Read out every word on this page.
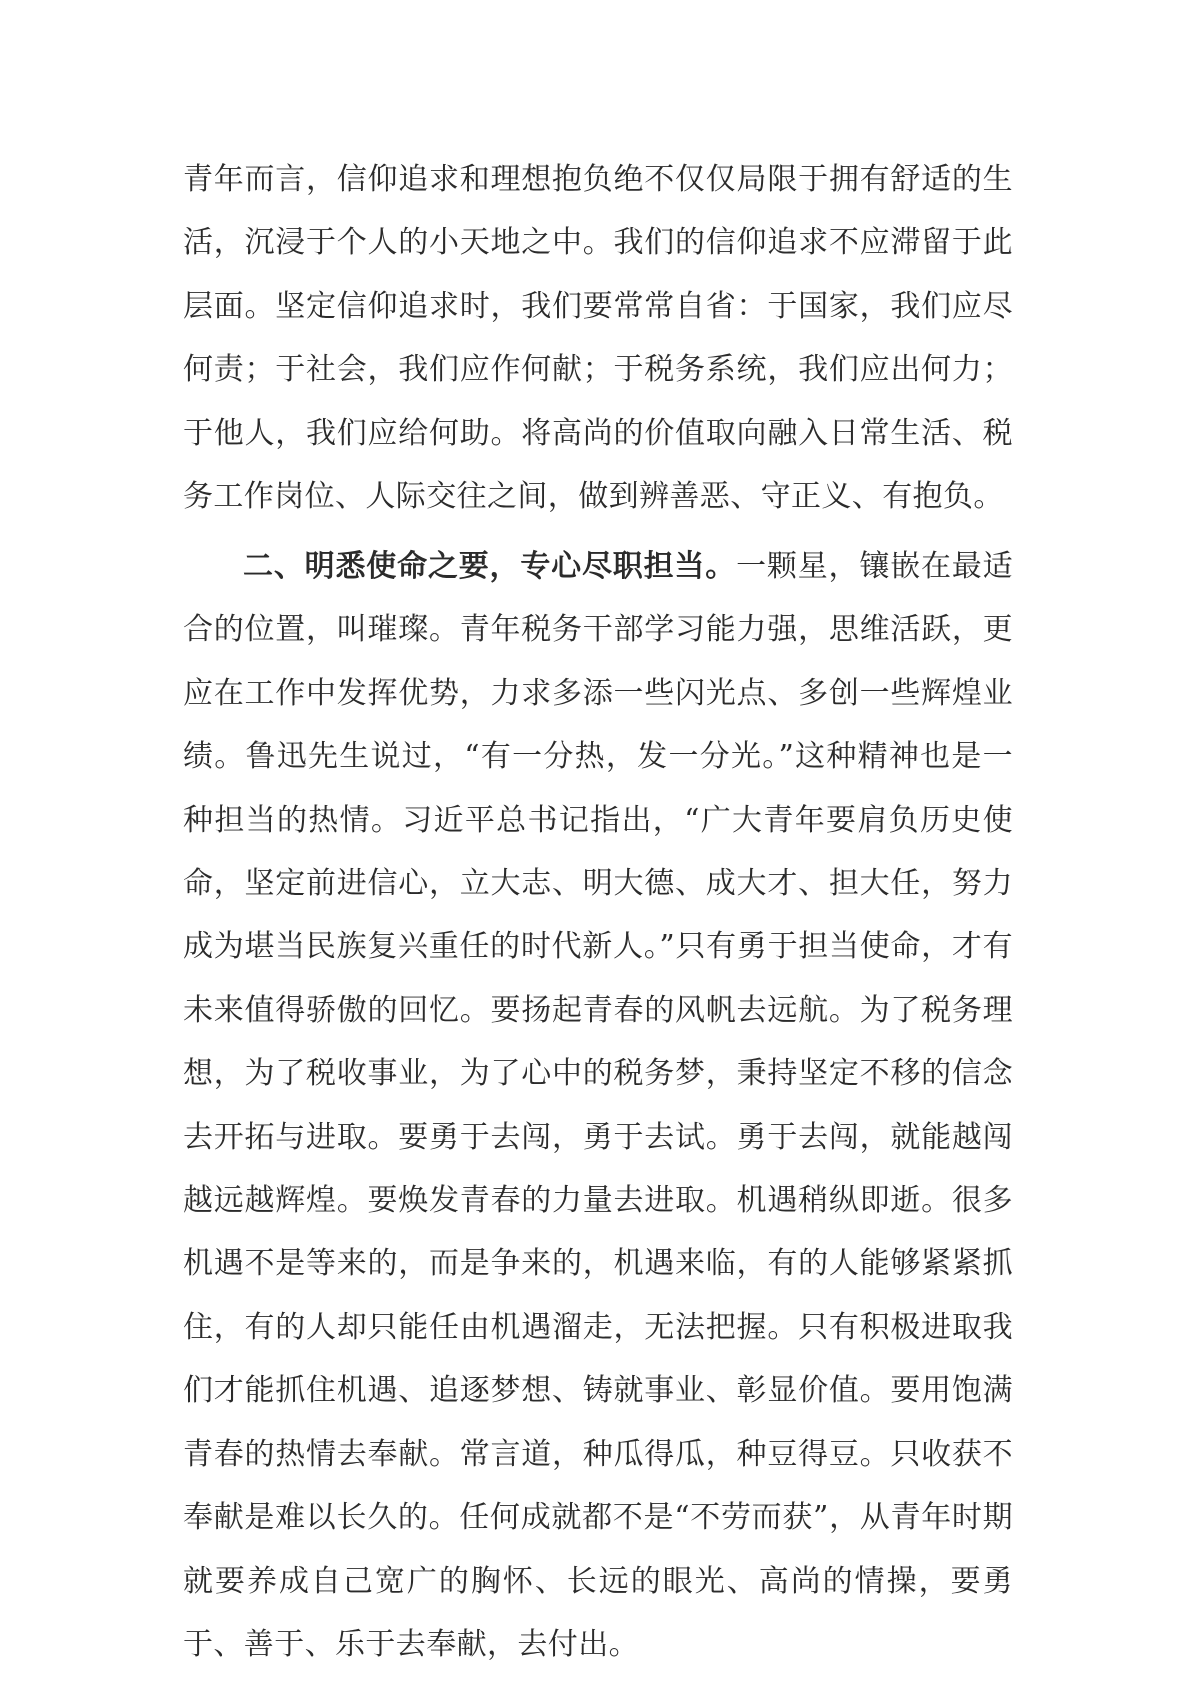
青年而言，信仰追求和理想抱负绝不仅仅局限于拥有舒适的生活，沉浸于个人的小天地之中。我们的信仰追求不应滞留于此层面。坚定信仰追求时，我们要常常自省：于国家，我们应尽何责；于社会，我们应作何献；于税务系统，我们应出何力；于他人，我们应给何助。将高尚的价值取向融入日常生活、税务工作岗位、人际交往之间，做到辨善恶、守正义、有抱负。

二、明悉使命之要，专心尽职担当。一颗星，镶嵌在最适合的位置，叫璀璨。青年税务干部学习能力强，思维活跃，更应在工作中发挥优势，力求多添一些闪光点、多创一些辉煌业绩。鲁迅先生说过，“有一分热，发一分光。”这种精神也是一种担当的热情。习近平总书记指出，“广大青年要肩负历史使命，坚定前进信心，立大志、明大德、成大才、担大任，努力成为堪当民族复兴重任的时代新人。”只有勇于担当使命，才有未来值得骄傲的回忆。要扬起青春的风帆去远航。为了税务理想，为了税收事业，为了心中的税务梦，秉持坚定不移的信念去开拓与进取。要勇于去闯，勇于去试。勇于去闯，就能越闯越远越辉煌。要焕发青春的力量去进取。机遇稍纵即逝。很多机遇不是等来的，而是争来的，机遇来临，有的人能够紧紧抓住，有的人却只能任由机遇溜走，无法把握。只有积极进取我们才能抓住机遇、追逐梦想、铸就事业、彰显价值。要用饱满青春的热情去奉献。常言道，种瓜得瓜，种豆得豆。只收获不奉献是难以长久的。任何成就都不是“不劳而获”，从青年时期就要养成自己宽广的胸怀、长远的眼光、高尚的情操，要勇于、善于、乐于去奉献，去付出。
